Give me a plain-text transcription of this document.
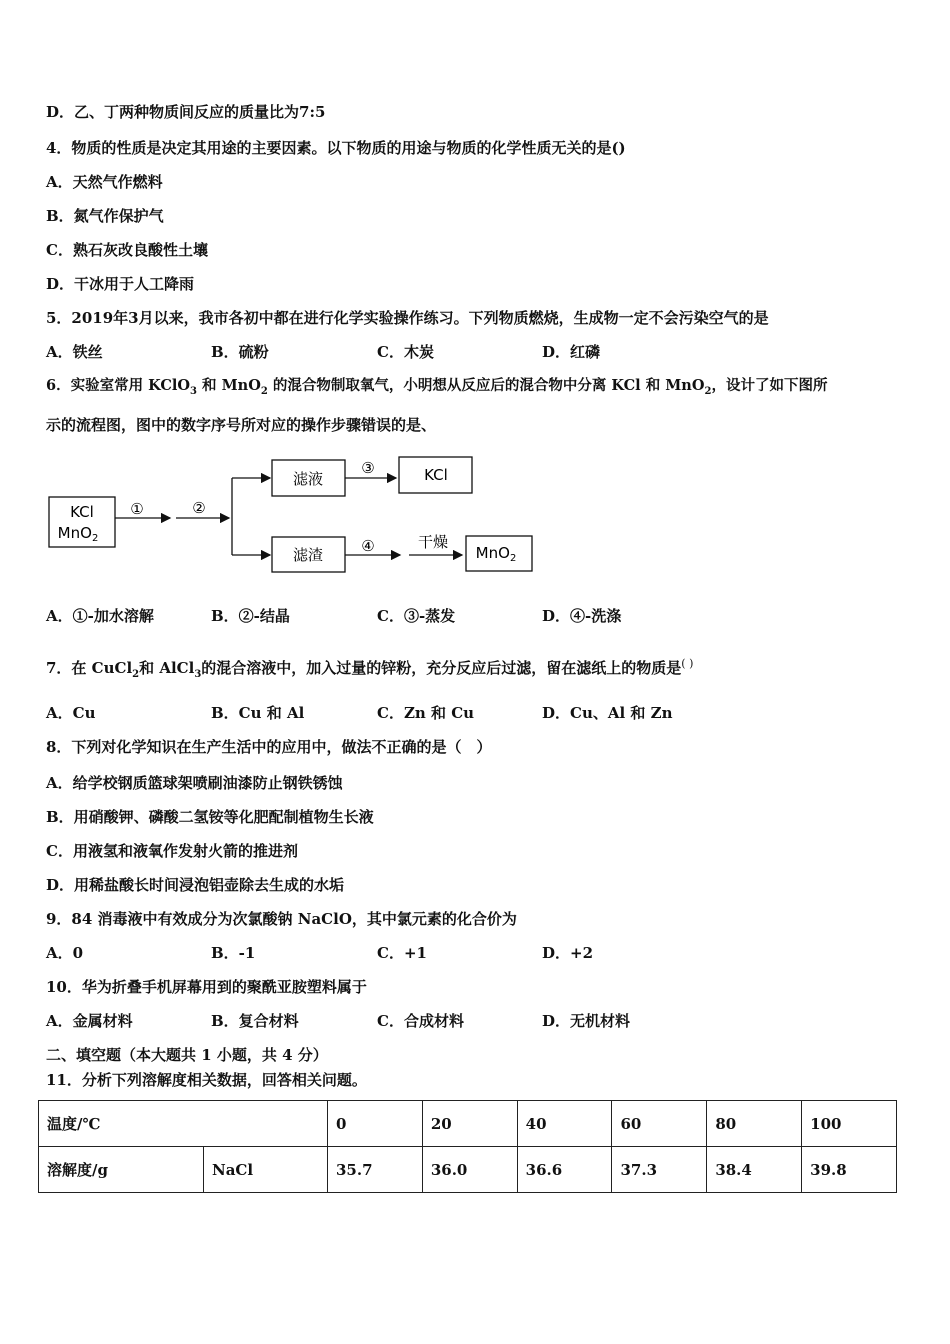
D．乙、丁两种物质间反应的质量比为7:5
4．物质的性质是决定其用途的主要因素。以下物质的用途与物质的化学性质无关的是()
A．天然气作燃料
B．氮气作保护气
C．熟石灰改良酸性土壤
D．干冰用于人工降雨
5．2019年3月以来，我市各初中都在进行化学实验操作练习。下列物质燃烧，生成物一定不会污染空气的是
A．铁丝	B．硫粉	C．木炭	D．红磷
6．实验室常用 KClO$_3$ 和 MnO$_2$ 的混合物制取氧气，小明想从反应后的混合物中分离 KCl 和 MnO$_2$，设计了如下图所
示的流程图，图中的数字序号所对应的操作步骤错误的是、
KCl
MnO$_2$
①	②
滤液
③	KCl
滤渣	④	干燥
MnO$_2$
A．①-加水溶解	B．②-结晶	C．③-蒸发	D．④-洗涤
7．在 CuCl$_2$和 AlCl$_3$的混合溶液中，加入过量的锌粉，充分反应后过滤，留在滤纸上的物质是( )
A．Cu	B．Cu 和 Al	C．Zn 和 Cu	D．Cu、Al 和 Zn
8．下列对化学知识在生产生活中的应用中，做法不正确的是（　）
A．给学校钢质篮球架喷刷油漆防止钢铁锈蚀
B．用硝酸钾、磷酸二氢铵等化肥配制植物生长液
C．用液氢和液氧作发射火箭的推进剂
D．用稀盐酸长时间浸泡铝壶除去生成的水垢
9．84 消毒液中有效成分为次氯酸钠 NaClO，其中氯元素的化合价为
A．0	B．-1	C．+1	D．+2
10．华为折叠手机屏幕用到的聚酰亚胺塑料属于
A．金属材料	B．复合材料	C．合成材料	D．无机材料
二、填空题（本大题共 1 小题，共 4 分）
11．分析下列溶解度相关数据，回答相关问题。
温度/℃		0	20	40	60	80	100
溶解度/g	NaCl	35.7	36.0	36.6	37.3	38.4	39.8
